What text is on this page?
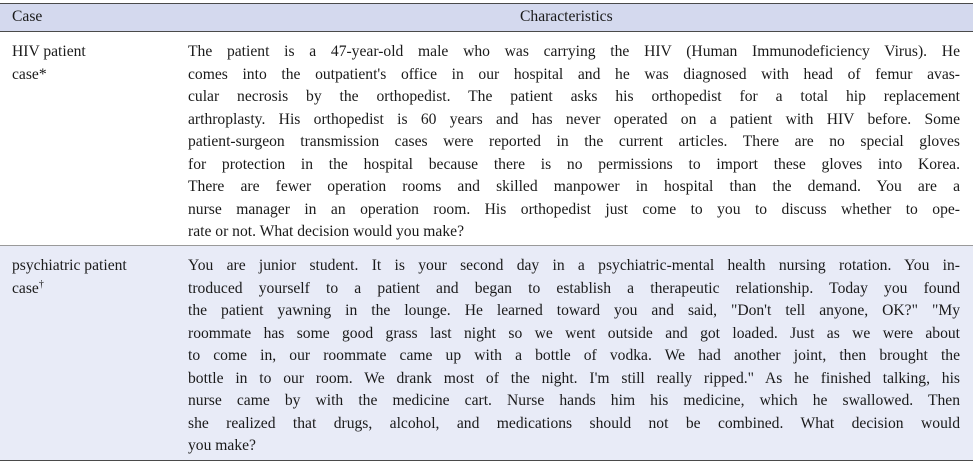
Case	Characteristics
HIV patient
case*
The patient is a 47-year-old male who was carrying the HIV (Human Immunodeficiency Virus). He
comes into the outpatient's office in our hospital and he was diagnosed with head of femur avas-
cular necrosis by the orthopedist. The patient asks his orthopedist for a total hip replacement
arthroplasty. His orthopedist is 60 years and has never operated on a patient with HIV before. Some
patient-surgeon transmission cases were reported in the current articles. There are no special gloves
for protection in the hospital because there is no permissions to import these gloves into Korea.
There are fewer operation rooms and skilled manpower in hospital than the demand. You are a
nurse manager in an operation room. His orthopedist just come to you to discuss whether to ope-
rate or not. What decision would you make?
psychiatric patient
case†
You are junior student. It is your second day in a psychiatric-mental health nursing rotation. You in-
troduced yourself to a patient and began to establish a therapeutic relationship. Today you found
the patient yawning in the lounge. He learned toward you and said, "Don't tell anyone, OK?" "My
roommate has some good grass last night so we went outside and got loaded. Just as we were about
to come in, our roommate came up with a bottle of vodka. We had another joint, then brought the
bottle in to our room. We drank most of the night. I'm still really ripped." As he finished talking, his
nurse came by with the medicine cart. Nurse hands him his medicine, which he swallowed. Then
she realized that drugs, alcohol, and medications should not be combined. What decision would
you make?
